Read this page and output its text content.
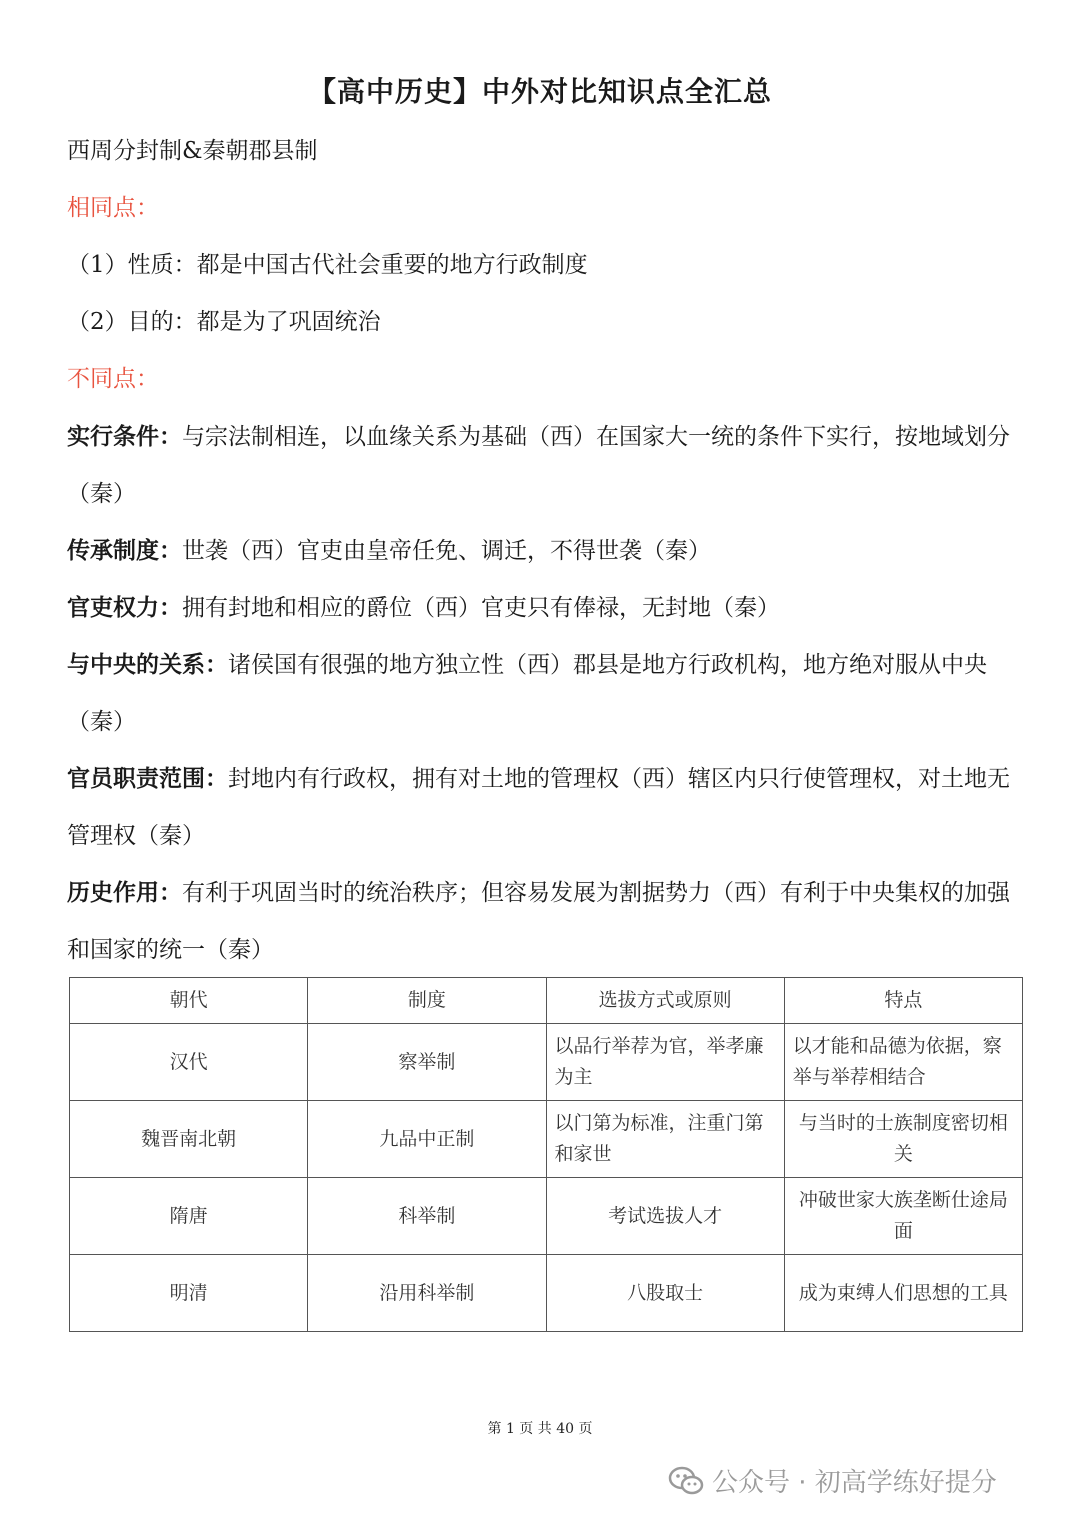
【高中历史】中外对比知识点全汇总
西周分封制&秦朝郡县制
相同点：
（1）性质：都是中国古代社会重要的地方行政制度
（2）目的：都是为了巩固统治
不同点：
实行条件：与宗法制相连，以血缘关系为基础（西）在国家大一统的条件下实行，按地域划分（秦）
传承制度：世袭（西）官吏由皇帝任免、调迁，不得世袭（秦）
官吏权力：拥有封地和相应的爵位（西）官吏只有俸禄，无封地（秦）
与中央的关系：诸侯国有很强的地方独立性（西）郡县是地方行政机构，地方绝对服从中央（秦）
官员职责范围：封地内有行政权，拥有对土地的管理权（西）辖区内只行使管理权，对土地无管理权（秦）
历史作用：有利于巩固当时的统治秩序；但容易发展为割据势力（西）有利于中央集权的加强和国家的统一（秦）
朝代	制度	选拔方式或原则	特点
汉代	察举制	以品行举荐为官，举孝廉为主	以才能和品德为依据，察举与举荐相结合
魏晋南北朝	九品中正制	以门第为标准，注重门第和家世	与当时的士族制度密切相关
隋唐	科举制	考试选拔人才	冲破世家大族垄断仕途局面
明清	沿用科举制	八股取士	成为束缚人们思想的工具
第 1 页 共 40 页
公众号 · 初高学练好提分
